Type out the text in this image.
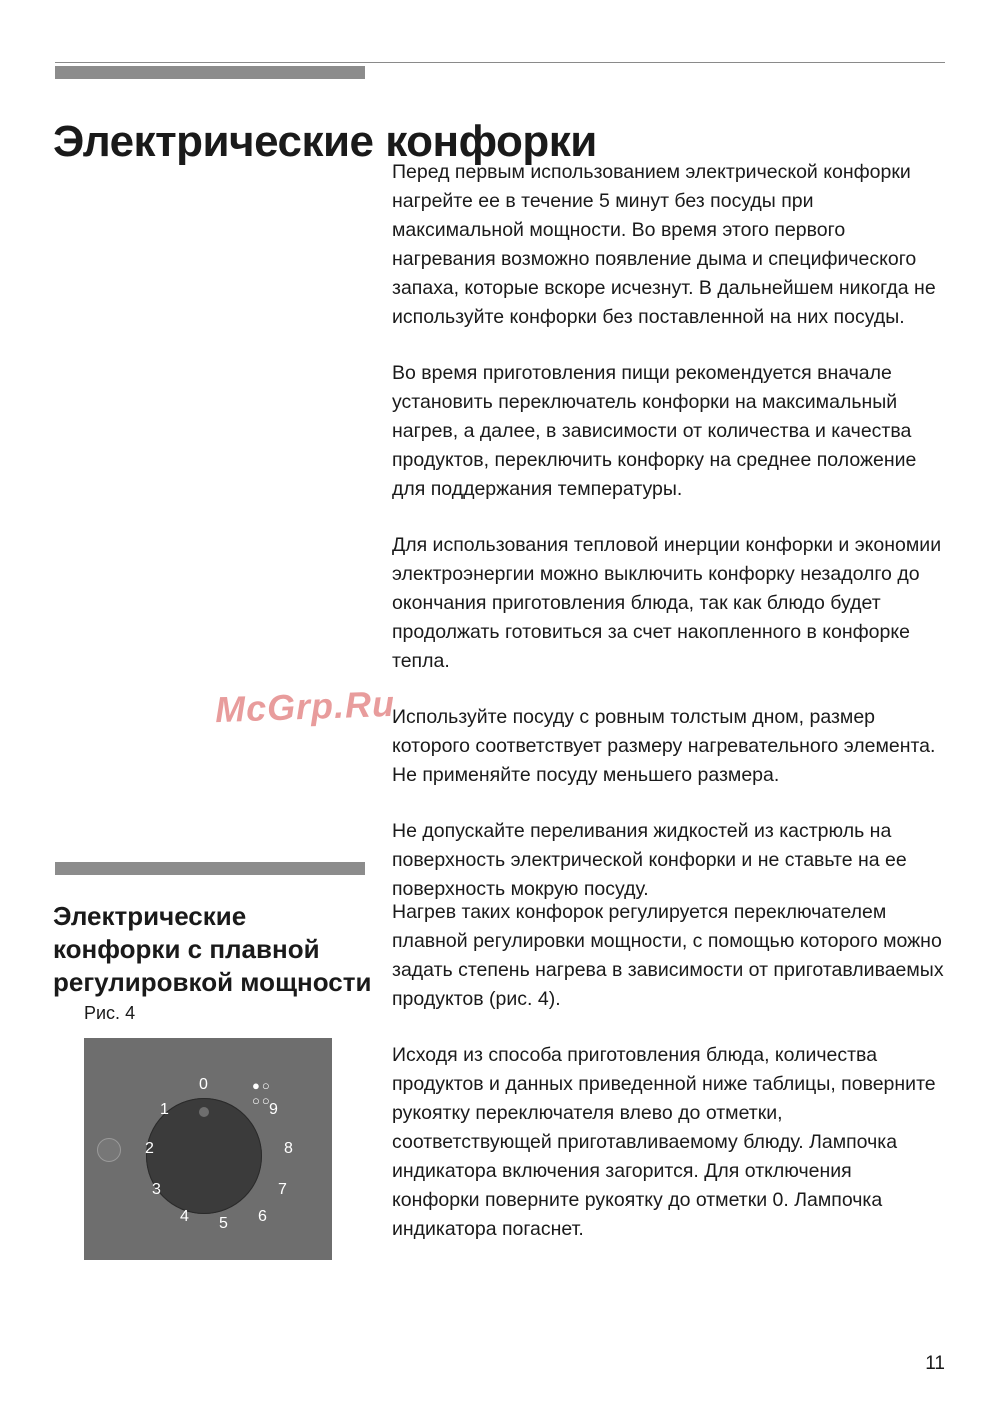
Электрические конфорки

Перед первым использованием электрической конфорки нагрейте ее в течение 5 минут без посуды при максимальной мощности. Во время этого первого нагревания возможно появление дыма и специфического запаха, которые вскоре исчезнут. В дальнейшем никогда не используйте конфорки без поставленной на них посуды.

Во время приготовления пищи рекомендуется вначале установить переключатель конфорки на максимальный нагрев, а далее, в зависимости от количества и качества продуктов, переключить конфорку на среднее положение для поддержания температуры.

Для использования тепловой инерции конфорки и экономии электроэнергии можно выключить конфорку незадолго до окончания приготовления блюда, так как блюдо будет продолжать готовиться за счет накопленного в конфорке тепла.

Используйте посуду с ровным толстым дном, размер которого соответствует размеру нагревательного элемента. Не применяйте посуду меньшего размера.

Не допускайте переливания жидкостей из кастрюль на поверхность электрической конфорки и не ставьте на ее поверхность мокрую посуду.

McGrp.Ru
Электрические конфорки с плавной регулировкой мощности
Рис. 4

Нагрев таких конфорок регулируется переключателем плавной регулировки мощности, с помощью которого можно задать степень нагрева в зависимости от приготавливаемых продуктов (рис. 4).

Исходя из способа приготовления блюда, количества продуктов и данных приведенной ниже таблицы, поверните рукоятку переключателя влево до отметки, соответствующей приготавливаемому блюду. Лампочка индикатора включения загорится. Для отключения конфорки поверните рукоятку до отметки 0. Лампочка индикатора погаснет.

●○
○○
0
1
2
3
4 5 6
7
8
9
11
